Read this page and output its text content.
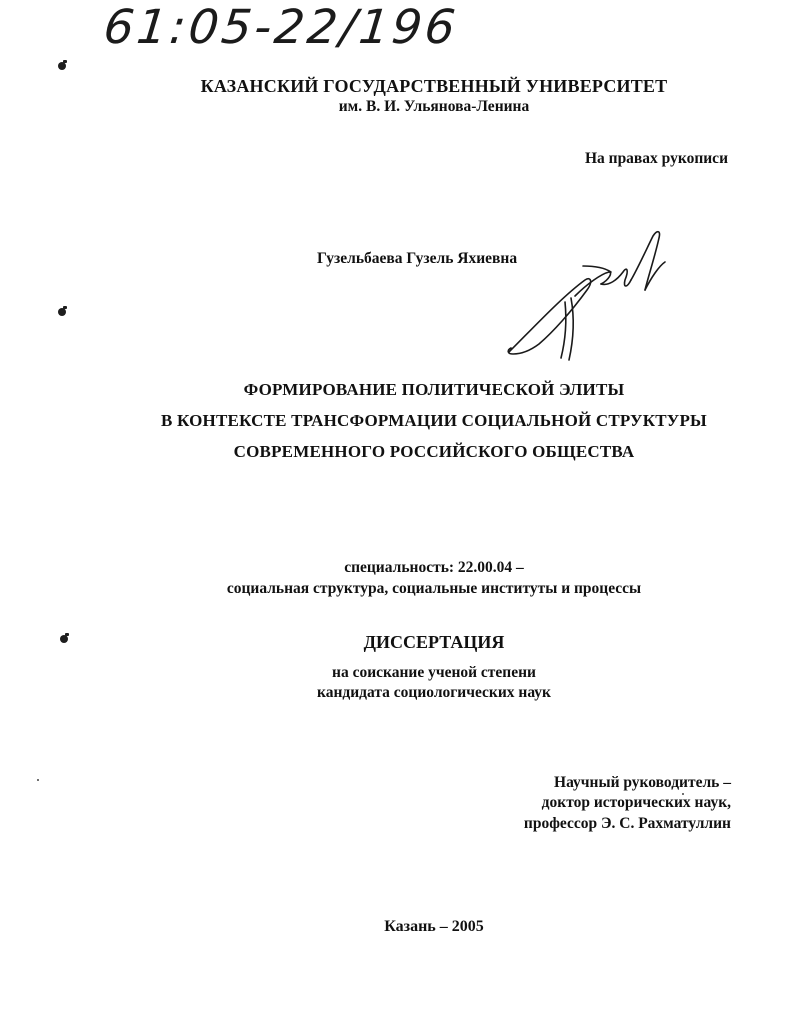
61:05-22/196
КАЗАНСКИЙ ГОСУДАРСТВЕННЫЙ УНИВЕРСИТЕТ
им. В. И. Ульянова-Ленина
На правах рукописи
Гузельбаева Гузель Яхиевна
ФОРМИРОВАНИЕ ПОЛИТИЧЕСКОЙ ЭЛИТЫ
В КОНТЕКСТЕ ТРАНСФОРМАЦИИ СОЦИАЛЬНОЙ СТРУКТУРЫ
СОВРЕМЕННОГО РОССИЙСКОГО ОБЩЕСТВА
специальность: 22.00.04 –
социальная структура, социальные институты и процессы
ДИССЕРТАЦИЯ
на соискание ученой степени
кандидата социологических наук
Научный руководитель –
доктор исторических наук,
профессор Э. С. Рахматуллин
Казань – 2005
